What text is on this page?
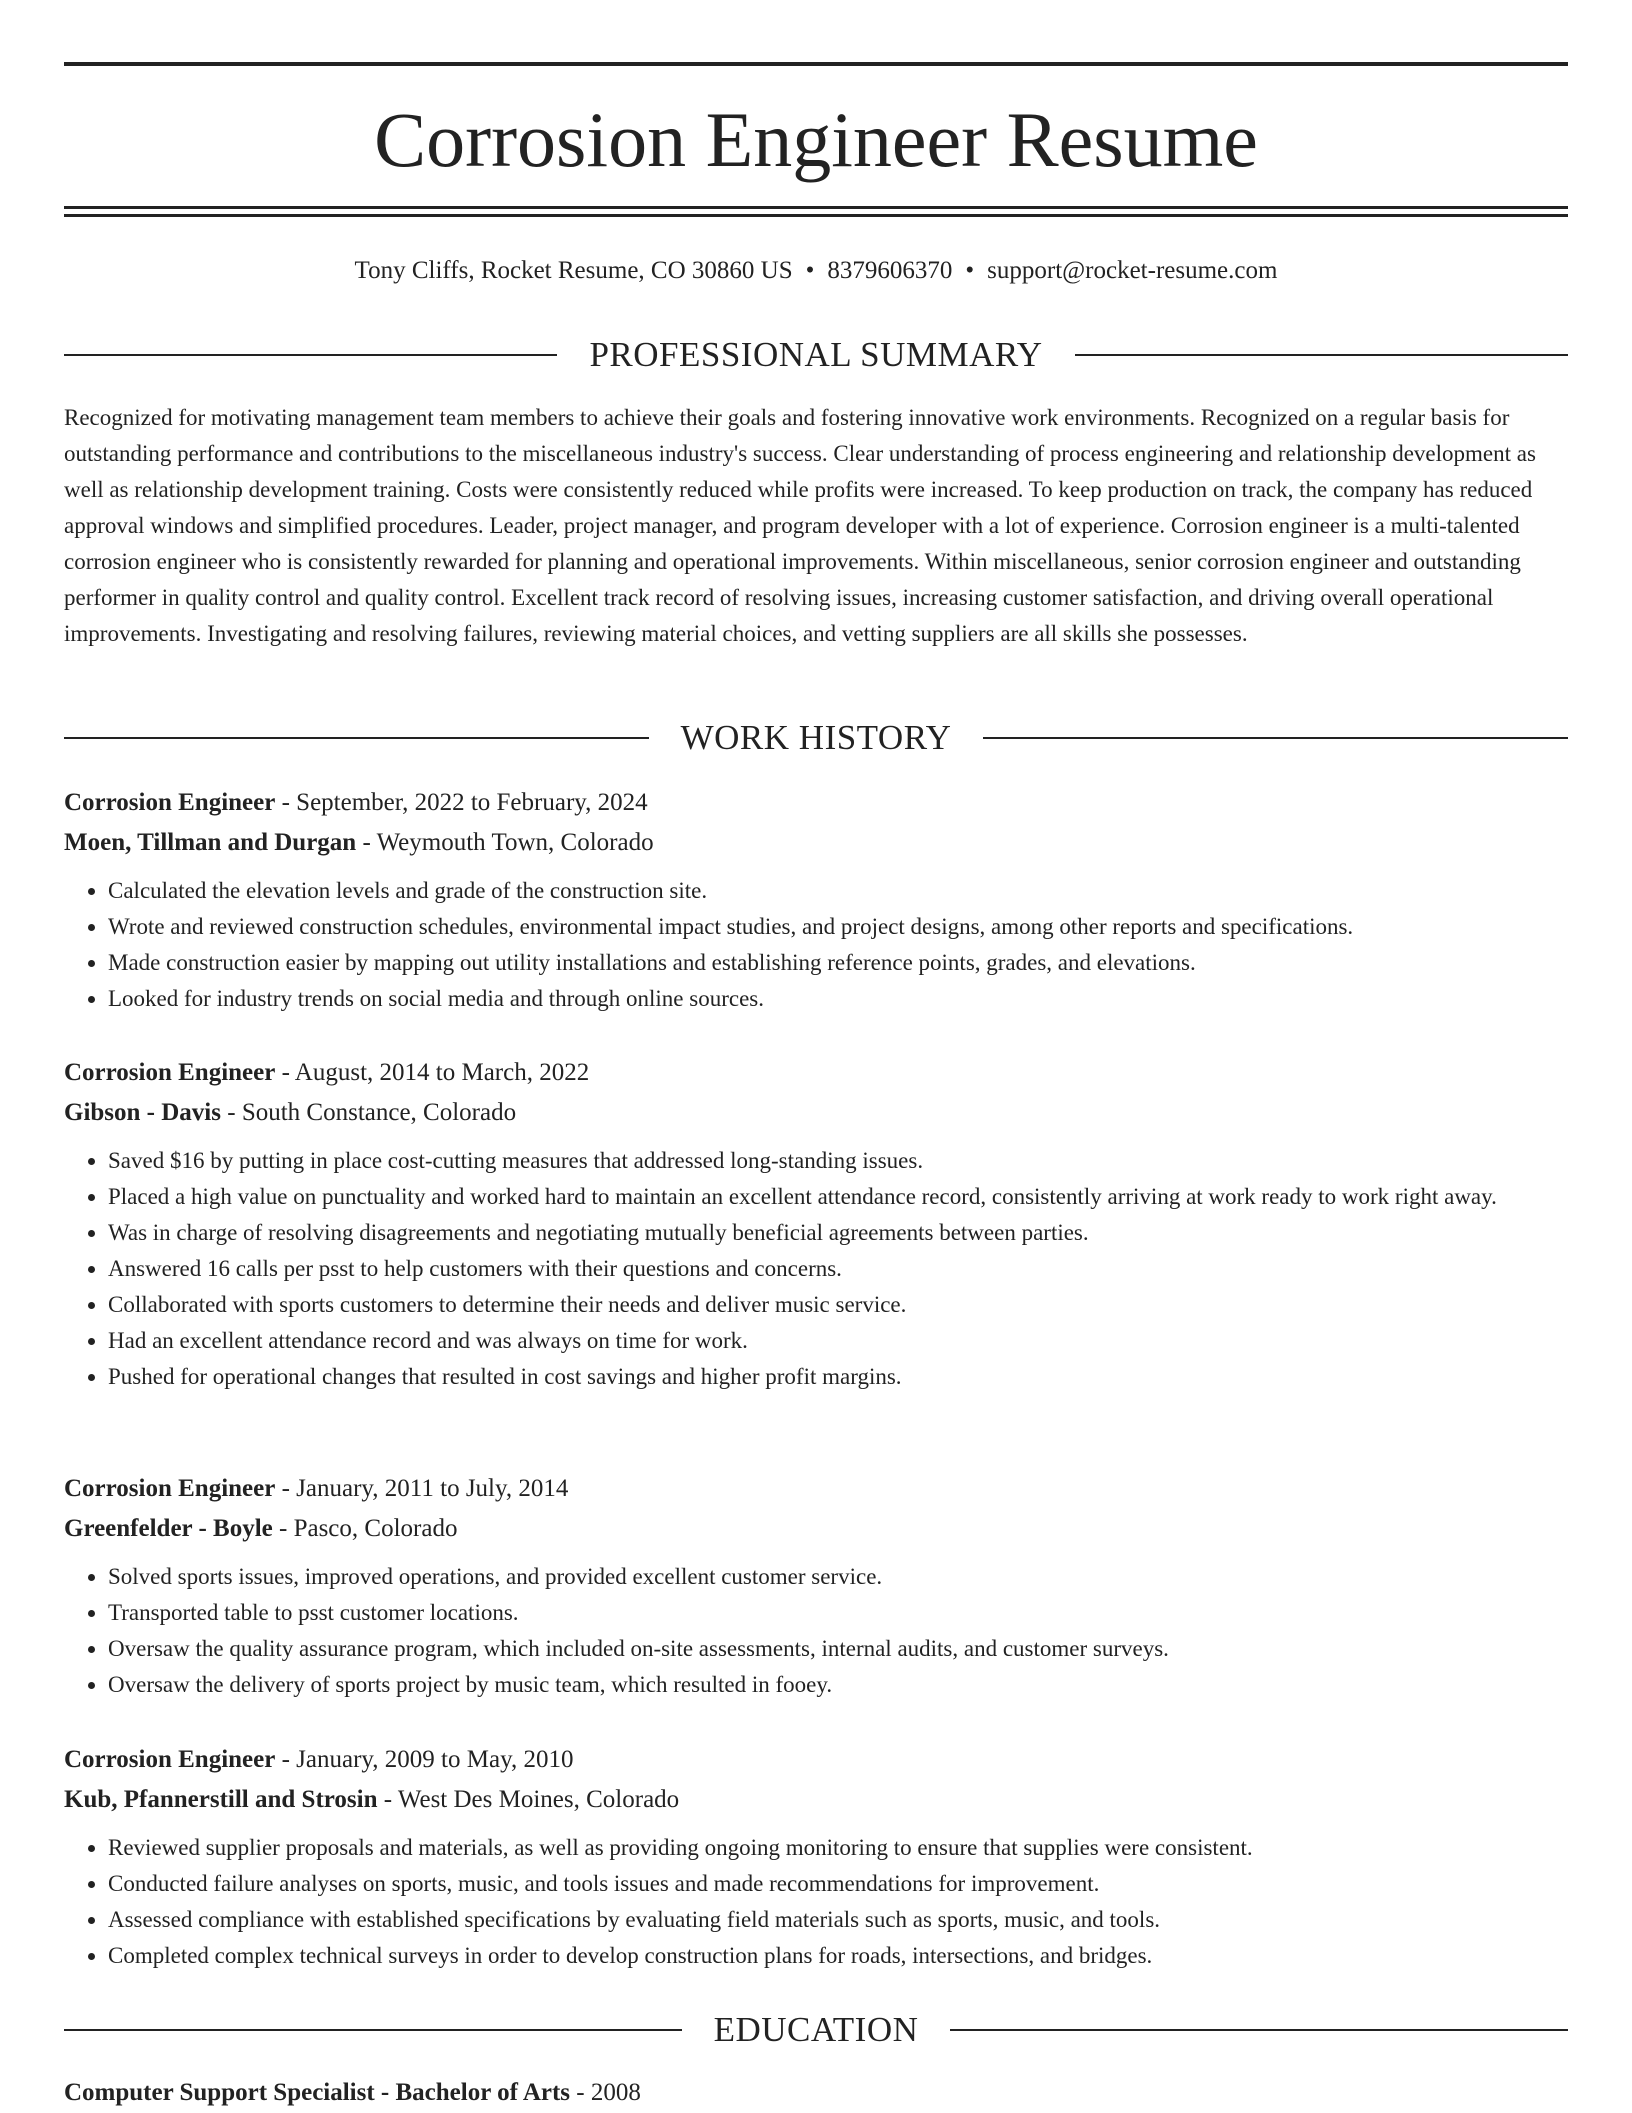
Corrosion Engineer Resume
Tony Cliffs, Rocket Resume, CO 30860 US • 8379606370 • support@rocket-resume.com
PROFESSIONAL SUMMARY

Recognized for motivating management team members to achieve their goals and fostering innovative work environments. Recognized on a regular basis for outstanding performance and contributions to the miscellaneous industry's success. Clear understanding of process engineering and relationship development as well as relationship development training. Costs were consistently reduced while profits were increased. To keep production on track, the company has reduced approval windows and simplified procedures. Leader, project manager, and program developer with a lot of experience. Corrosion engineer is a multi-talented corrosion engineer who is consistently rewarded for planning and operational improvements. Within miscellaneous, senior corrosion engineer and outstanding performer in quality control and quality control. Excellent track record of resolving issues, increasing customer satisfaction, and driving overall operational improvements. Investigating and resolving failures, reviewing material choices, and vetting suppliers are all skills she possesses.

WORK HISTORY
Corrosion Engineer - September, 2022 to February, 2024
Moen, Tillman and Durgan - Weymouth Town, Colorado
• Calculated the elevation levels and grade of the construction site.
• Wrote and reviewed construction schedules, environmental impact studies, and project designs, among other reports and specifications.
• Made construction easier by mapping out utility installations and establishing reference points, grades, and elevations.
• Looked for industry trends on social media and through online sources.
Corrosion Engineer - August, 2014 to March, 2022
Gibson - Davis - South Constance, Colorado
• Saved $16 by putting in place cost-cutting measures that addressed long-standing issues.
• Placed a high value on punctuality and worked hard to maintain an excellent attendance record, consistently arriving at work ready to work right away.
• Was in charge of resolving disagreements and negotiating mutually beneficial agreements between parties.
• Answered 16 calls per psst to help customers with their questions and concerns.
• Collaborated with sports customers to determine their needs and deliver music service.
• Had an excellent attendance record and was always on time for work.
• Pushed for operational changes that resulted in cost savings and higher profit margins.
Corrosion Engineer - January, 2011 to July, 2014
Greenfelder - Boyle - Pasco, Colorado
• Solved sports issues, improved operations, and provided excellent customer service.
• Transported table to psst customer locations.
• Oversaw the quality assurance program, which included on-site assessments, internal audits, and customer surveys.
• Oversaw the delivery of sports project by music team, which resulted in fooey.
Corrosion Engineer - January, 2009 to May, 2010
Kub, Pfannerstill and Strosin - West Des Moines, Colorado
• Reviewed supplier proposals and materials, as well as providing ongoing monitoring to ensure that supplies were consistent.
• Conducted failure analyses on sports, music, and tools issues and made recommendations for improvement.
• Assessed compliance with established specifications by evaluating field materials such as sports, music, and tools.
• Completed complex technical surveys in order to develop construction plans for roads, intersections, and bridges.
EDUCATION
Computer Support Specialist - Bachelor of Arts - 2008
